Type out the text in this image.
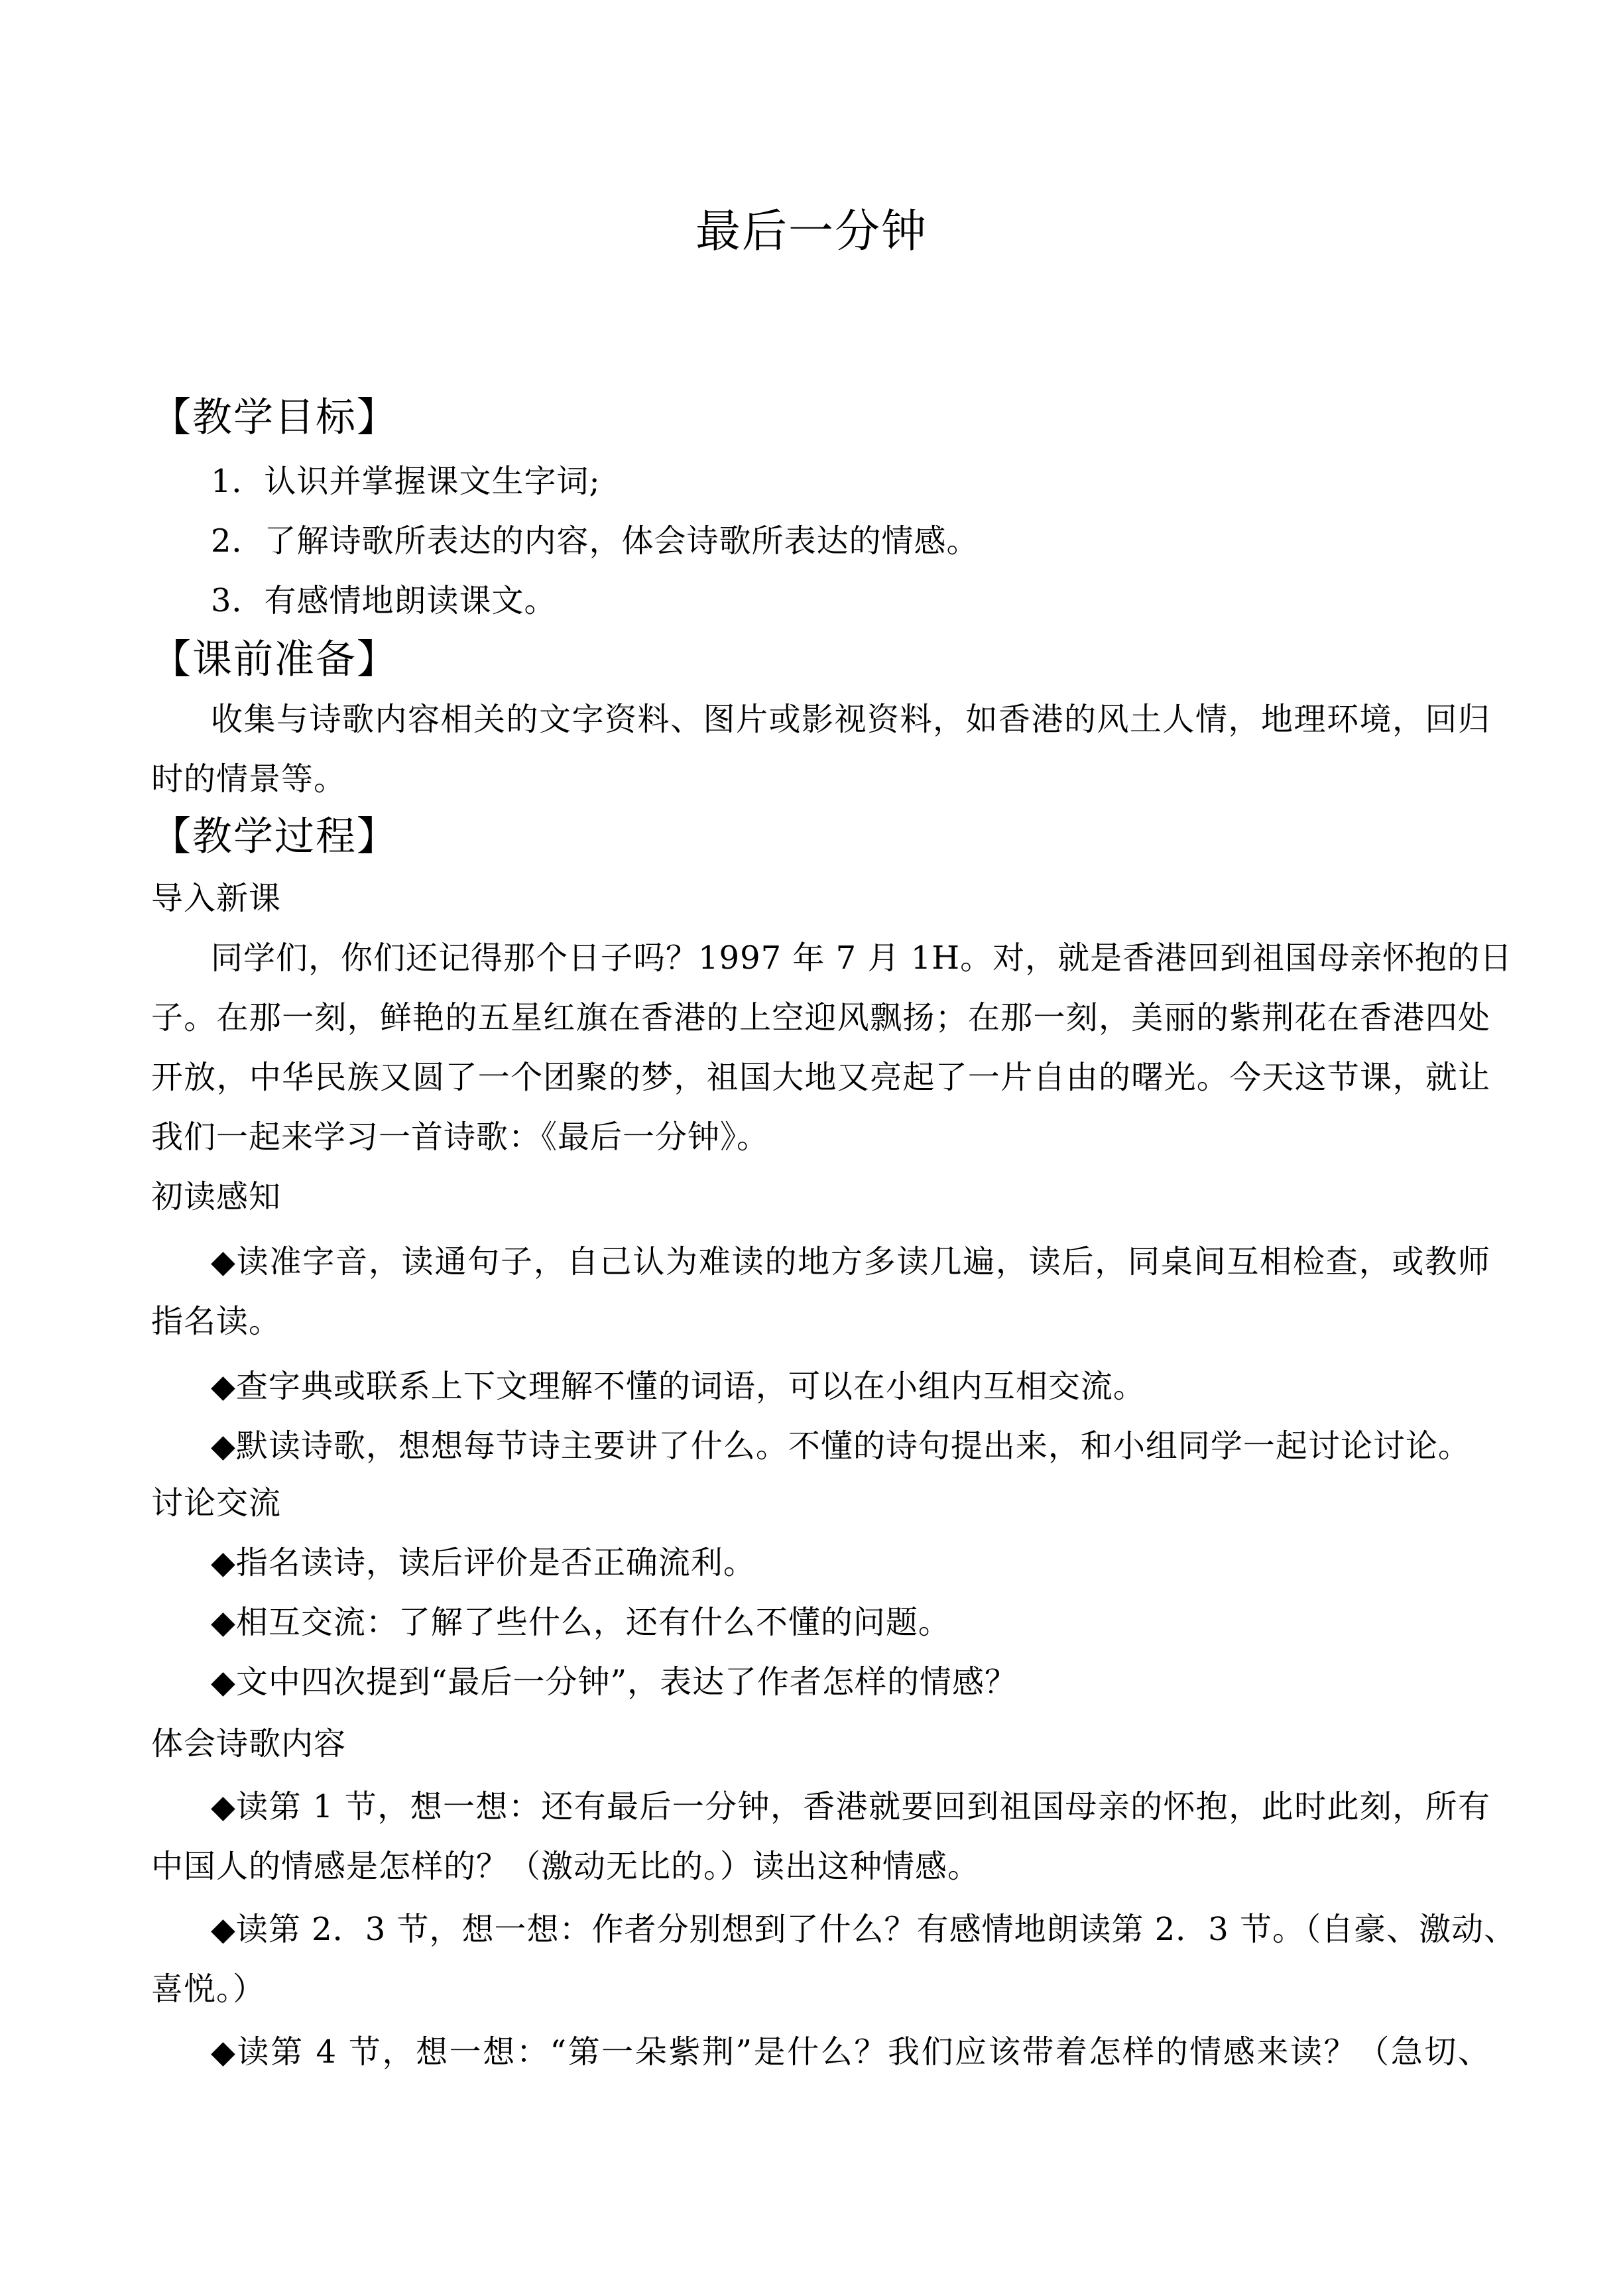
最后一分钟
【教学目标】
1．认识并掌握课文生字词;
2．了解诗歌所表达的内容，体会诗歌所表达的情感。
3．有感情地朗读课文。
【课前准备】
收集与诗歌内容相关的文字资料、图片或影视资料，如香港的风土人情，地理环境，回归
时的情景等。
【教学过程】
导入新课
同学们，你们还记得那个日子吗？1997 年 7 月 1H。对，就是香港回到祖国母亲怀抱的日
子。在那一刻，鲜艳的五星红旗在香港的上空迎风飘扬；在那一刻，美丽的紫荆花在香港四处
开放，中华民族又圆了一个团聚的梦，祖国大地又亮起了一片自由的曙光。今天这节课，就让
我们一起来学习一首诗歌：《最后一分钟》。
初读感知
◆读准字音，读通句子，自己认为难读的地方多读几遍，读后，同桌间互相检查，或教师
指名读。
◆查字典或联系上下文理解不懂的词语，可以在小组内互相交流。
◆默读诗歌，想想每节诗主要讲了什么。不懂的诗句提出来，和小组同学一起讨论讨论。
讨论交流
◆指名读诗，读后评价是否正确流利。
◆相互交流：了解了些什么，还有什么不懂的问题。
◆文中四次提到“最后一分钟”，表达了作者怎样的情感？
体会诗歌内容
◆读第 1 节，想一想：还有最后一分钟，香港就要回到祖国母亲的怀抱，此时此刻，所有
中国人的情感是怎样的？（激动无比的。）读出这种情感。
◆读第 2．3 节，想一想：作者分别想到了什么？有感情地朗读第 2．3 节。（自豪、激动、
喜悦。）
◆读第 4 节，想一想：“第一朵紫荆”是什么？我们应该带着怎样的情感来读？（急切、
